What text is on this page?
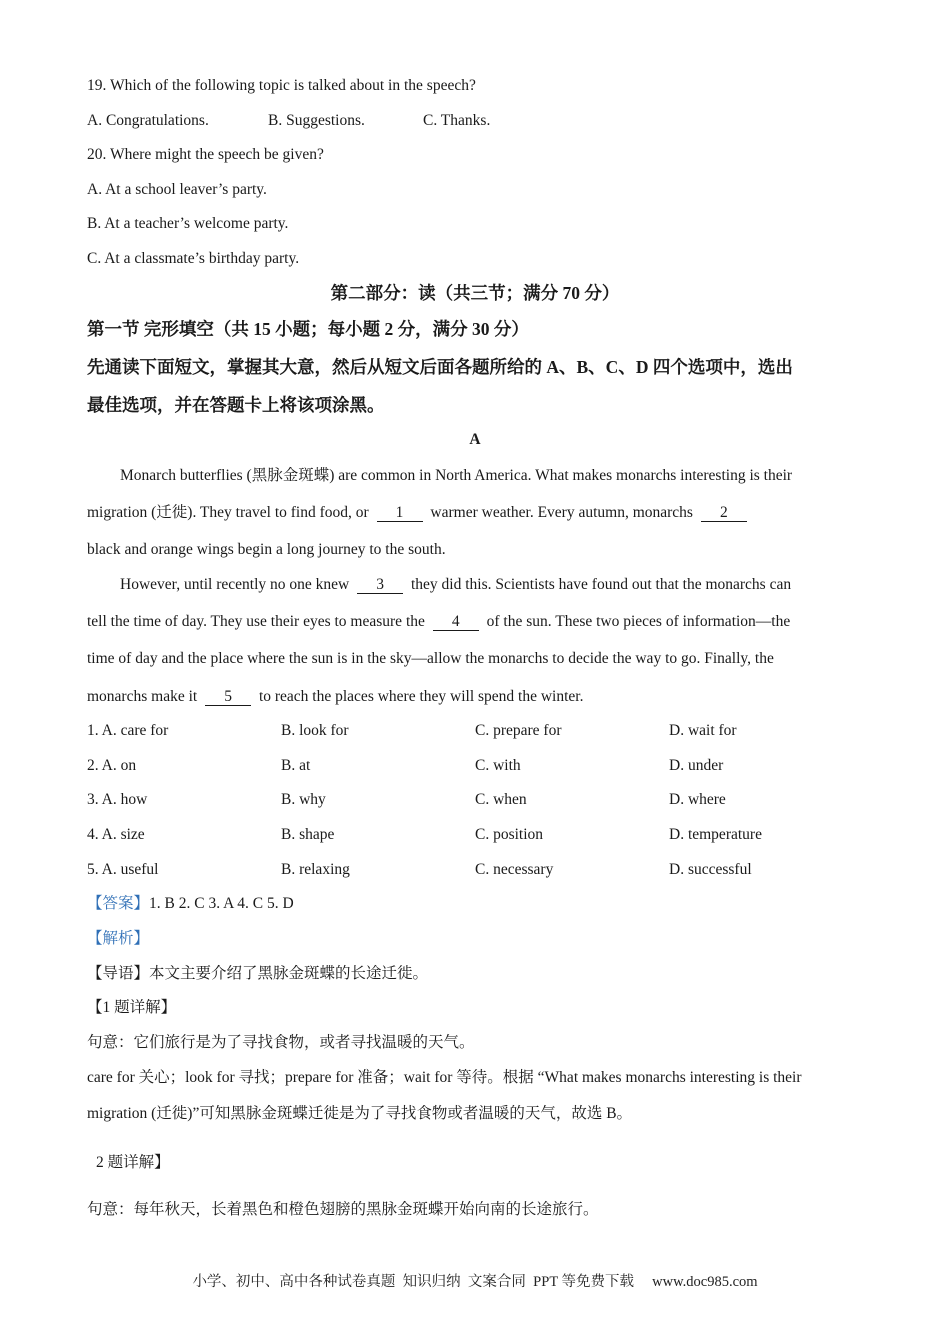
19. Which of the following topic is talked about in the speech?
A. Congratulations.	B. Suggestions.	C. Thanks.
20. Where might the speech be given?
A. At a school leaver’s party.
B. At a teacher’s welcome party.
C. At a classmate’s birthday party.
第二部分：读（共三节；满分 70 分）
第一节 完形填空（共 15 小题；每小题 2 分，满分 30 分）
先通读下面短文，掌握其大意，然后从短文后面各题所给的 A、B、C、D 四个选项中，选出
最佳选项，并在答题卡上将该项涂黑。
A
Monarch butterflies (黑脉金斑蝶) are common in North America. What makes monarchs interesting is their
migration (迁徙). They travel to find food, or 1 warmer weather. Every autumn, monarchs 2
black and orange wings begin a long journey to the south.
However, until recently no one knew 3 they did this. Scientists have found out that the monarchs can
tell the time of day. They use their eyes to measure the 4 of the sun. These two pieces of information—the
time of day and the place where the sun is in the sky—allow the monarchs to decide the way to go. Finally, the
monarchs make it 5 to reach the places where they will spend the winter.
1. A. care for	B. look for	C. prepare for	D. wait for
2. A. on	B. at	C. with	D. under
3. A. how	B. why	C. when	D. where
4. A. size	B. shape	C. position	D. temperature
5. A. useful	B. relaxing	C. necessary	D. successful
【答案】1. B 2. C 3. A 4. C 5. D
【解析】
【导语】本文主要介绍了黑脉金斑蝶的长途迁徙。
【1 题详解】
句意：它们旅行是为了寻找食物，或者寻找温暖的天气。
care for 关心；look for 寻找；prepare for 准备；wait for 等待。根据 “What makes monarchs interesting is their
migration (迁徙)”可知黑脉金斑蝶迁徙是为了寻找食物或者温暖的天气，故选 B。
2 题详解】
句意：每年秋天，长着黑色和橙色翅膀的黑脉金斑蝶开始向南的长途旅行。
小学、初中、高中各种试卷真题  知识归纳  文案合同  PPT 等免费下载     www.doc985.com
